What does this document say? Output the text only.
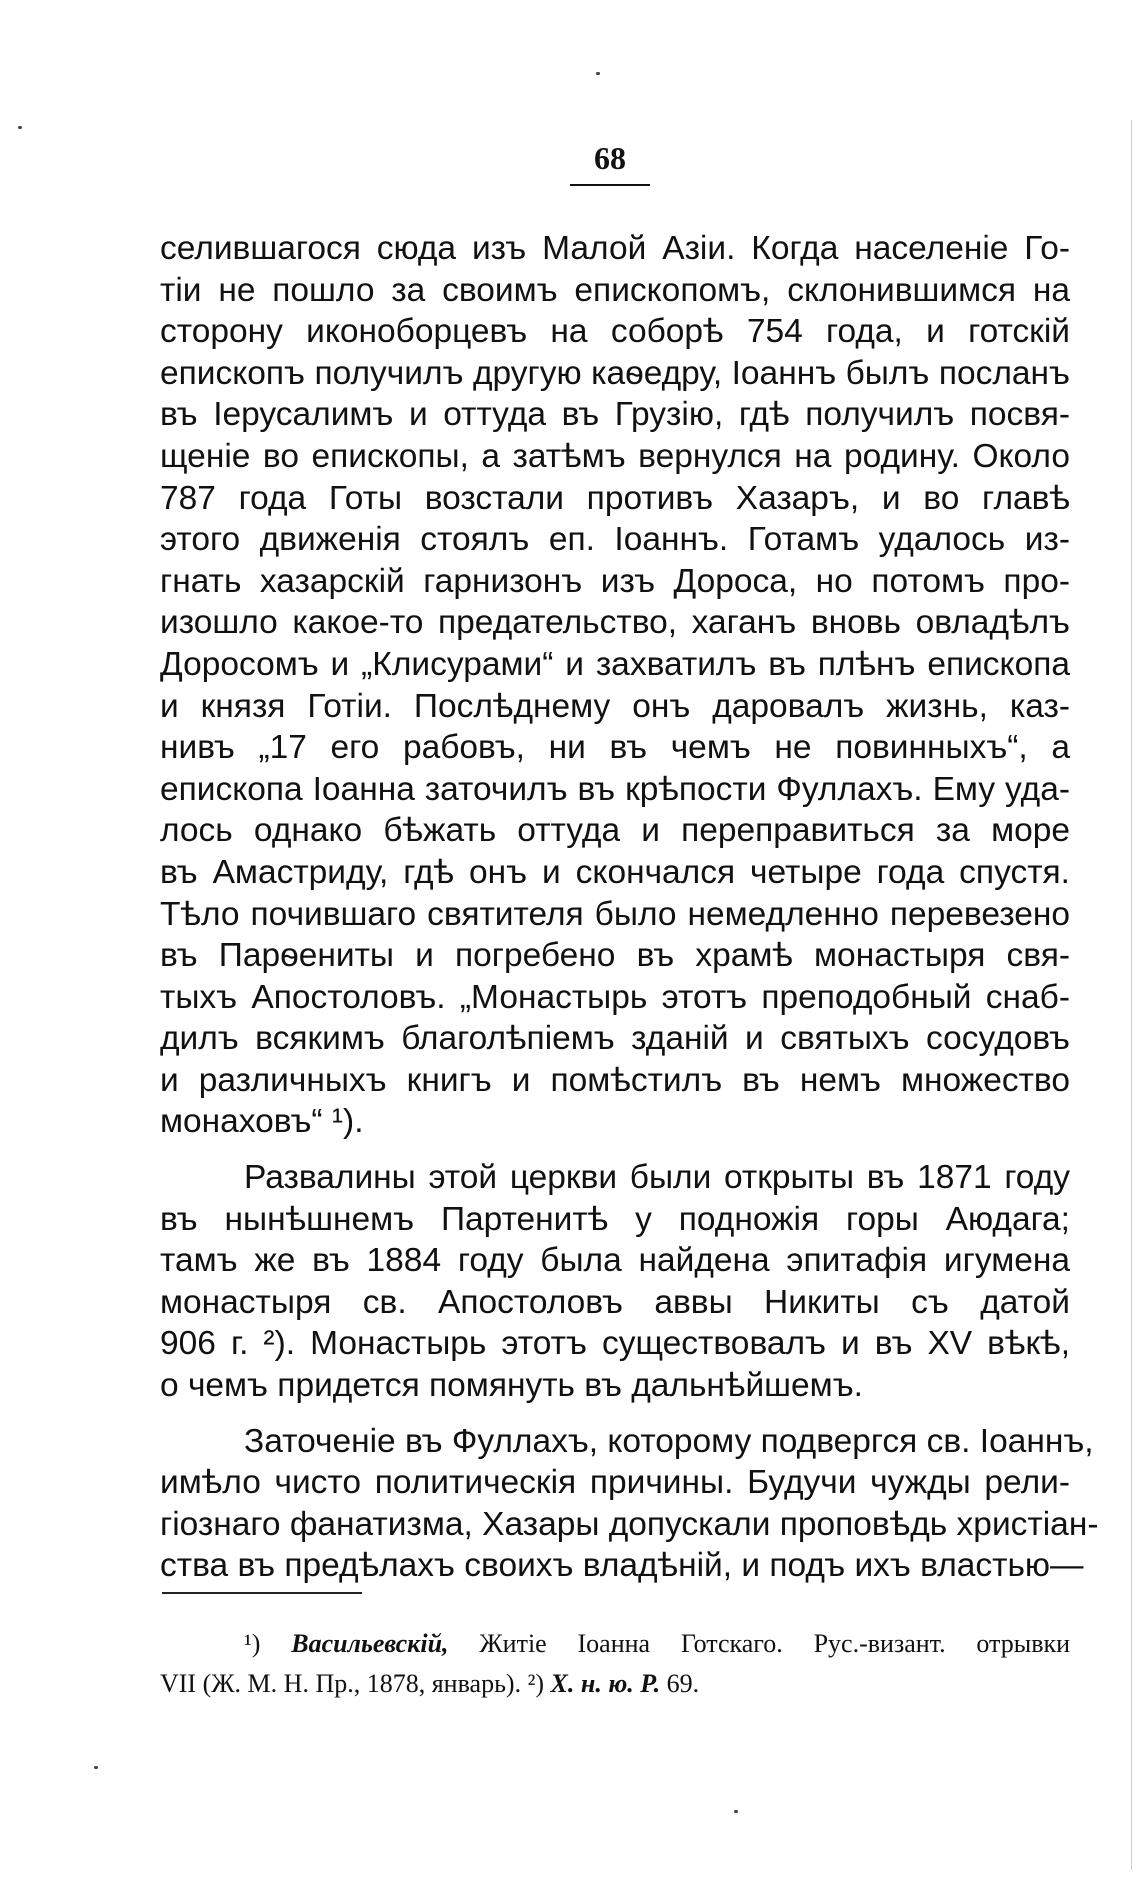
68
селившагося сюда изъ Малой Азіи. Когда населеніе Го-
тіи не пошло за своимъ епископомъ, склонившимся на
сторону иконоборцевъ на соборѣ 754 года, и готскій
епископъ получилъ другую каѳедру, Іоаннъ былъ посланъ
въ Іерусалимъ и оттуда въ Грузію, гдѣ получилъ посвя-
щеніе во епископы, а затѣмъ вернулся на родину. Около
787 года Готы возстали противъ Хазаръ, и во главѣ
этого движенія стоялъ еп. Іоаннъ. Готамъ удалось из-
гнать хазарскій гарнизонъ изъ Дороса, но потомъ про-
изошло какое-то предательство, хаганъ вновь овладѣлъ
Доросомъ и „Клисурами“ и захватилъ въ плѣнъ епископа
и князя Готіи. Послѣднему онъ даровалъ жизнь, каз-
нивъ „17 его рабовъ, ни въ чемъ не повинныхъ“, а
епископа Іоанна заточилъ въ крѣпости Фуллахъ. Ему уда-
лось однако бѣжать оттуда и переправиться за море
въ Амастриду, гдѣ онъ и скончался четыре года спустя.
Тѣло почившаго святителя было немедленно перевезено
въ Парѳениты и погребено въ храмѣ монастыря свя-
тыхъ Апостоловъ. „Монастырь этотъ преподобный снаб-
дилъ всякимъ благолѣпіемъ зданій и святыхъ сосудовъ
и различныхъ книгъ и помѣстилъ въ немъ множество
монаховъ“ ¹).
Развалины этой церкви были открыты въ 1871 году
въ нынѣшнемъ Партенитѣ у подножія горы Аюдага;
тамъ же въ 1884 году была найдена эпитафія игумена
монастыря св. Апостоловъ аввы Никиты съ датой
906 г. ²). Монастырь этотъ существовалъ и въ XV вѣкѣ,
о чемъ придется помянуть въ дальнѣйшемъ.
Заточеніе въ Фуллахъ, которому подвергся св. Іоаннъ,
имѣло чисто политическія причины. Будучи чужды рели-
гіознаго фанатизма, Хазары допускали проповѣдь христіан-
ства въ предѣлахъ своихъ владѣній, и подъ ихъ властью—
¹) Васильевскій, Житіе Іоанна Готскаго. Рус.-визант. отрывки
VII (Ж. М. Н. Пр., 1878, январь). ²) Х. н. ю. Р. 69.
